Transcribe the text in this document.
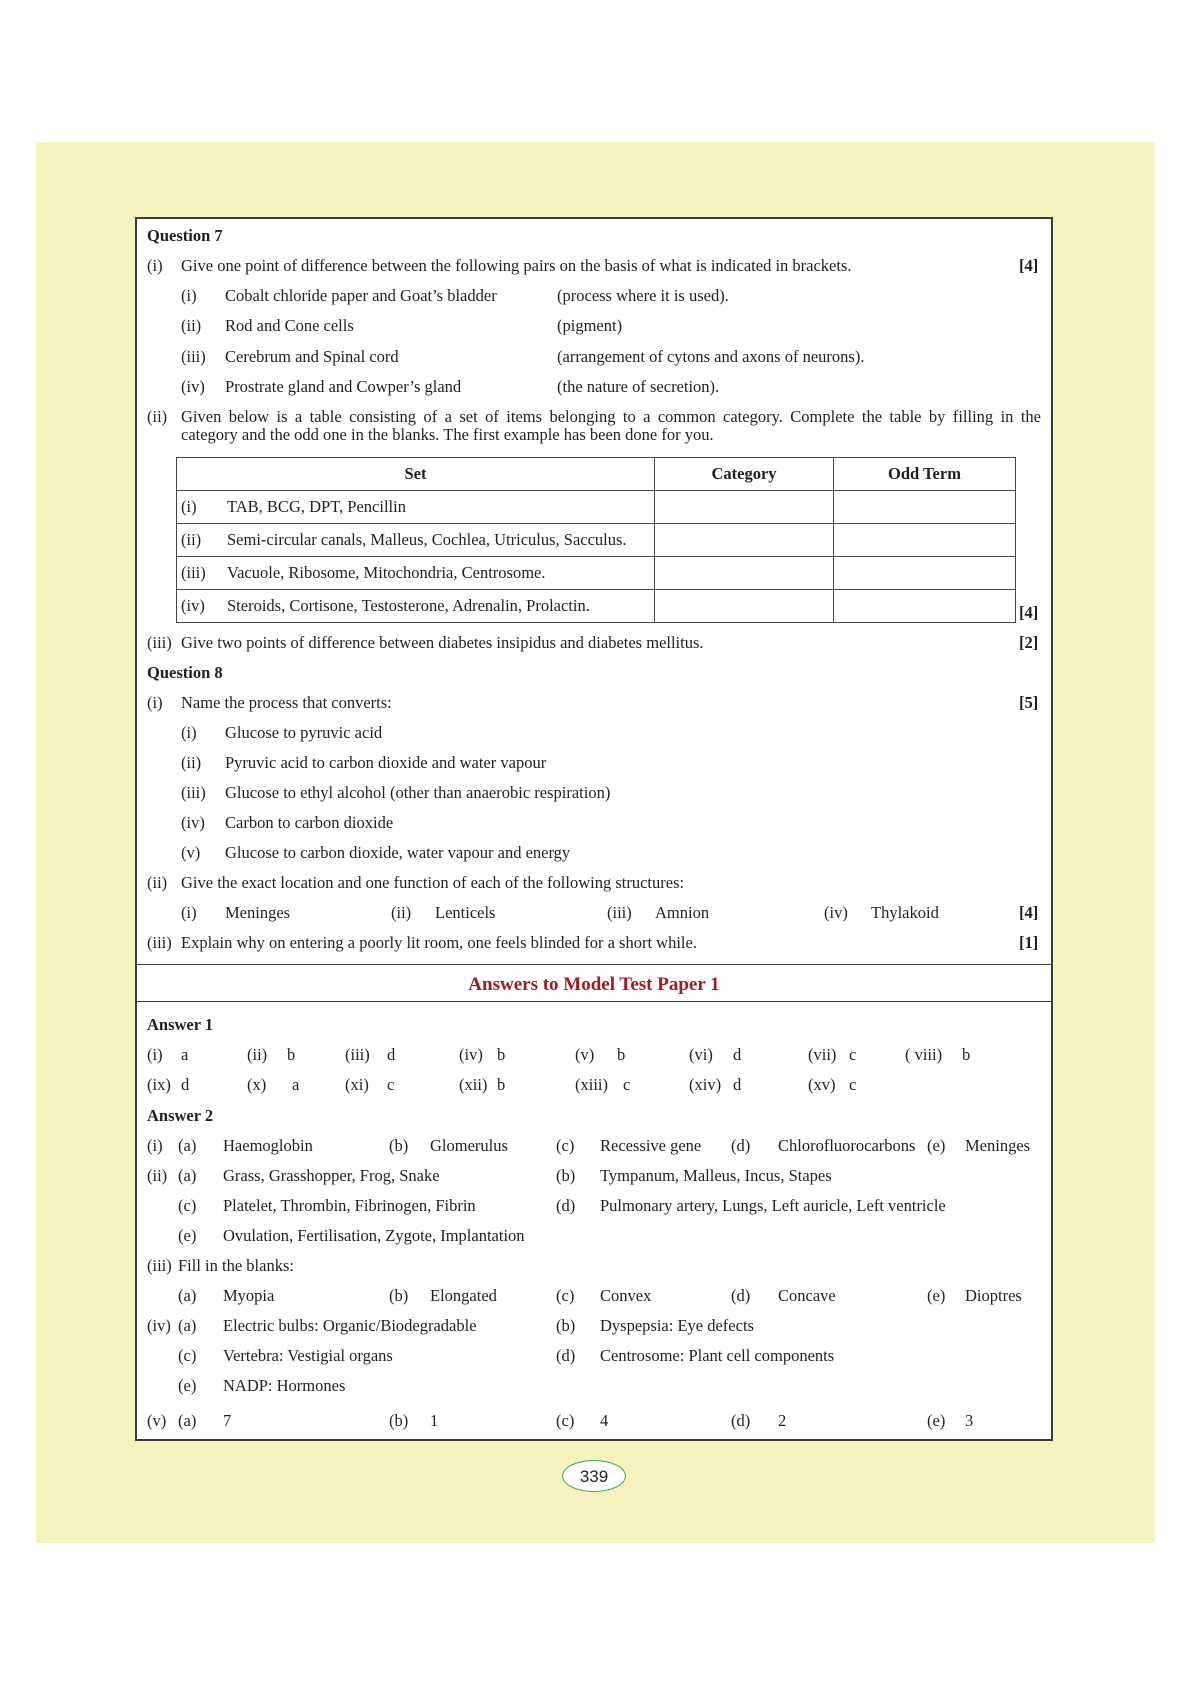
Question 7
(i) Give one point of difference between the following pairs on the basis of what is indicated in brackets.	[4]
(i) Cobalt chloride paper and Goat’s bladder	(process where it is used).
(ii) Rod and Cone cells	(pigment)
(iii) Cerebrum and Spinal cord	(arrangement of cytons and axons of neurons).
(iv) Prostrate gland and Cowper’s gland	(the nature of secretion).
(ii) Given below is a table consisting of a set of items belonging to a common category. Complete the table by filling in the
category and the odd one in the blanks. The first example has been done for you.
Set	Category	Odd Term
(i) TAB, BCG, DPT, Pencillin		
(ii) Semi-circular canals, Malleus, Cochlea, Utriculus, Sacculus.		
(iii) Vacuole, Ribosome, Mitochondria, Centrosome.		
(iv) Steroids, Cortisone, Testosterone, Adrenalin, Prolactin.			[4]
(iii) Give two points of difference between diabetes insipidus and diabetes mellitus.	[2]
Question 8
(i) Name the process that converts:	[5]
(i) Glucose to pyruvic acid
(ii) Pyruvic acid to carbon dioxide and water vapour
(iii) Glucose to ethyl alcohol (other than anaerobic respiration)
(iv) Carbon to carbon dioxide
(v) Glucose to carbon dioxide, water vapour and energy
(ii) Give the exact location and one function of each of the following structures:
(i) Meninges	(ii) Lenticels	(iii) Amnion	(iv) Thylakoid	[4]
(iii) Explain why on entering a poorly lit room, one feels blinded for a short while.	[1]
Answers to Model Test Paper 1
Answer 1
Answer 2
(i) (a) Haemoglobin	(b) Glomerulus	(c) Recessive gene (d) Chlorofluorocarbons (e) Meninges
(ii) (a) Grass, Grasshopper, Frog, Snake	(b) Tympanum, Malleus, Incus, Stapes
(c) Platelet, Thrombin, Fibrinogen, Fibrin	(d) Pulmonary artery, Lungs, Left auricle, Left ventricle
(e) Ovulation, Fertilisation, Zygote, Implantation
(iii) Fill in the blanks:
(a) Myopia	(b) Elongated	(c) Convex	(d) Concave	(e) Dioptres
(iv) (a) Electric bulbs: Organic/Biodegradable	(b) Dyspepsia: Eye defects
(c) Vertebra: Vestigial organs	(d) Centrosome: Plant cell components
(e) NADP: Hormones
(v) (a) 7	(b) 1	(c) 4	(d) 2	(e) 3
(i) a	(ii) b	(iii) d	(iv) b	(v) b	(vi) d	(vii) c	( viii) b
(ix) d	(x) a	(xi) c	(xii) b	(xiii) c	(xiv) d	(xv) c
339
